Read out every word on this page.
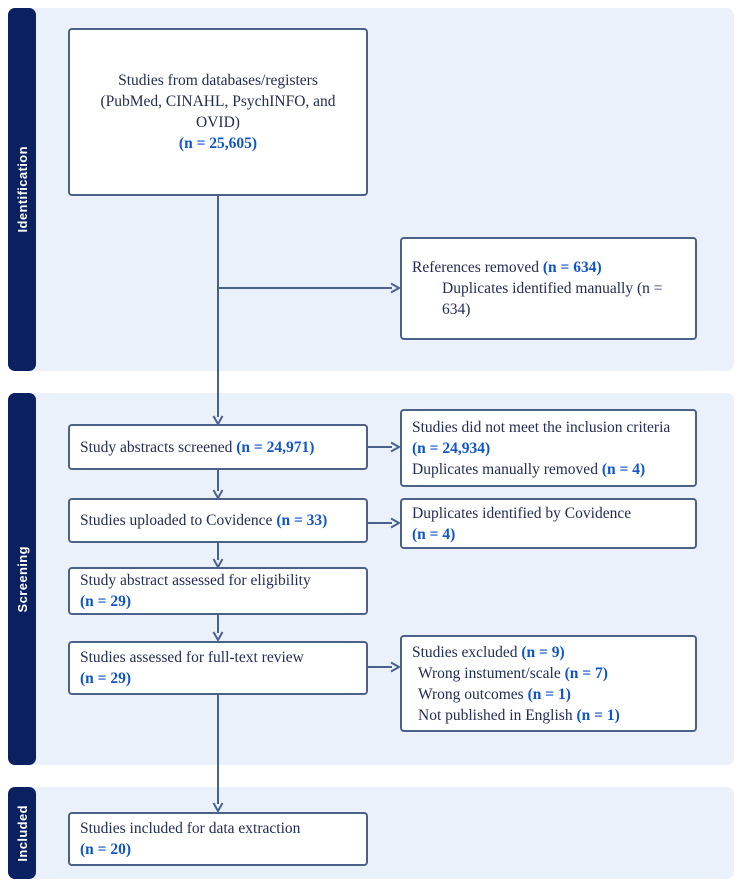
Identification
Screening
Included
Studies from databases/registers
(PubMed, CINAHL, PsychINFO, and
OVID)
(n = 25,605)
References removed (n = 634)
Duplicates identified manually (n = 634)
Study abstracts screened (n = 24,971)
Studies did not meet the inclusion criteria
(n = 24,934)
Duplicates manually removed (n = 4)
Studies uploaded to Covidence (n = 33)	Duplicates identified by Covidence
(n = 4)
Study abstract assessed for eligibility
(n = 29)
Studies assessed for full-text review
(n = 29)
Studies excluded (n = 9)
Wrong instument/scale (n = 7)
Wrong outcomes (n = 1)
Not published in English (n = 1)
Studies included for data extraction
(n = 20)
